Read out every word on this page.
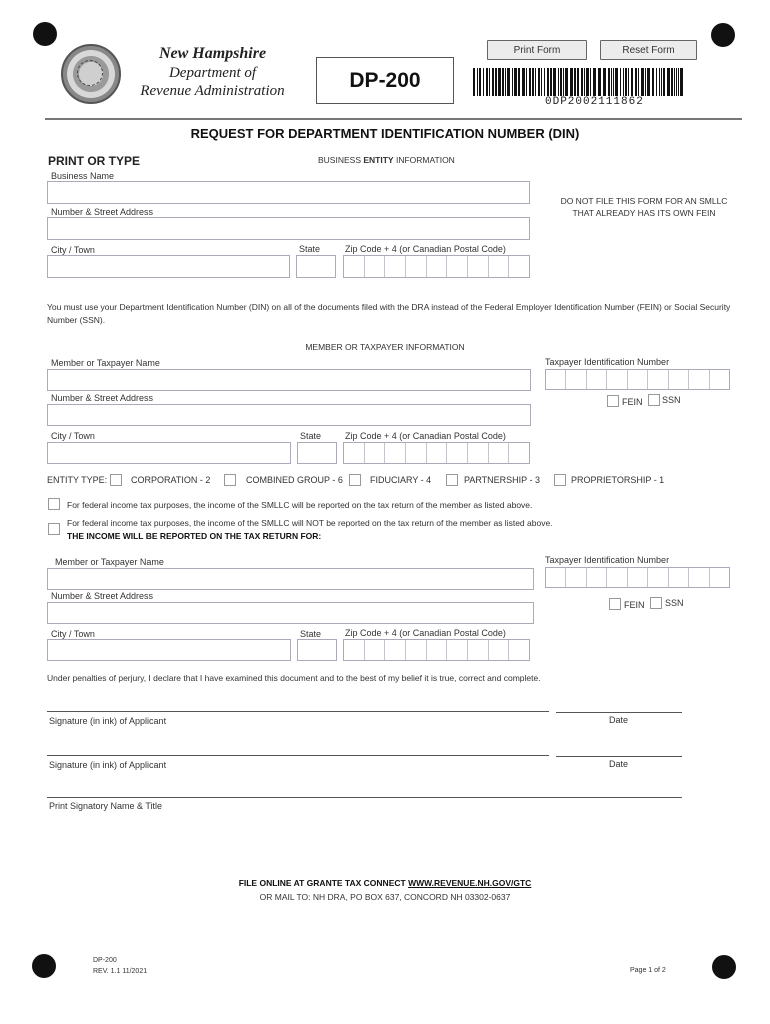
New Hampshire
Department of
Revenue Administration
Print Form	Reset Form
DP-200
0DP2002111862
REQUEST FOR DEPARTMENT IDENTIFICATION NUMBER (DIN)
PRINT OR TYPE	BUSINESS ENTITY INFORMATION
Business Name
Number & Street Address
DO NOT FILE THIS FORM FOR AN SMLLC
THAT ALREADY HAS ITS OWN FEIN
City / Town	State	Zip Code + 4 (or Canadian Postal Code)
You must use your Department Identification Number (DIN) on all of the documents filed with the DRA instead of the Federal Employer Identification Number (FEIN) or Social Security Number (SSN).
MEMBER OR TAXPAYER INFORMATION
Member or Taxpayer Name	Taxpayer Identification Number
Number & Street Address	FEIN SSN
City / Town	State	Zip Code + 4 (or Canadian Postal Code)
ENTITY TYPE:	CORPORATION - 2	COMBINED GROUP - 6	FIDUCIARY - 4	PARTNERSHIP - 3	PROPRIETORSHIP - 1
For federal income tax purposes, the income of the SMLLC will be reported on the tax return of the member as listed above.
For federal income tax purposes, the income of the SMLLC will NOT be reported on the tax return of the member as listed above.
THE INCOME WILL BE REPORTED ON THE TAX RETURN FOR:
Member or Taxpayer Name	Taxpayer Identification Number
Number & Street Address
FEIN SSN
City / Town	State	Zip Code + 4 (or Canadian Postal Code)
Under penalties of perjury, I declare that I have examined this document and to the best of my belief it is true, correct and complete.
Signature (in ink) of Applicant	Date
Signature (in ink) of Applicant	Date
Print Signatory Name & Title
FILE ONLINE AT GRANTE TAX CONNECT WWW.REVENUE.NH.GOV/GTC
OR MAIL TO: NH DRA, PO BOX 637, CONCORD NH 03302-0637
DP-200
REV. 1.1 11/2021	Page 1 of 2
